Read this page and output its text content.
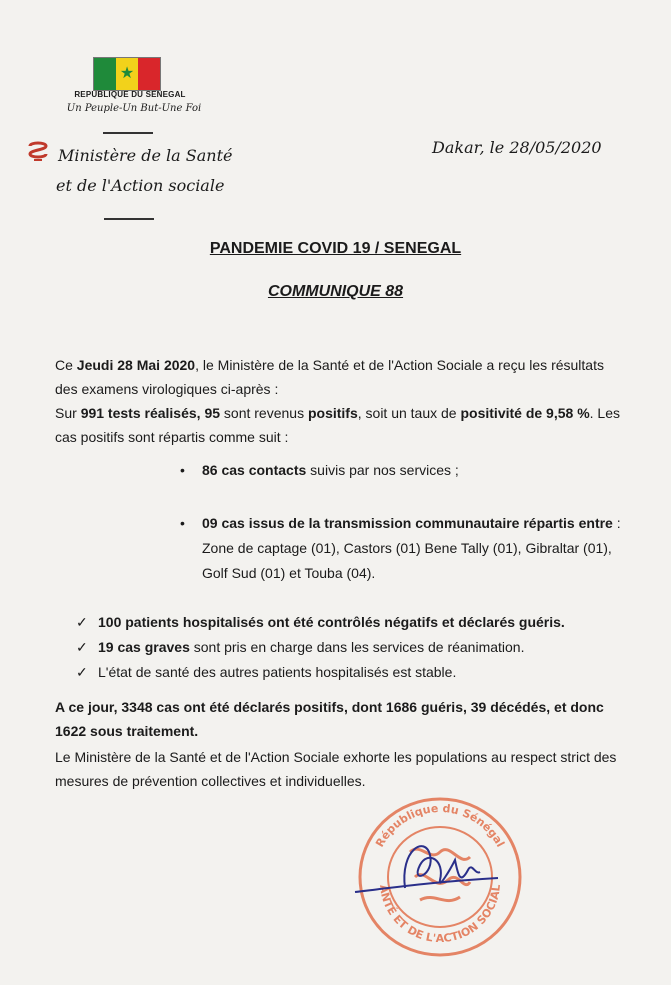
★
REPUBLIQUE DU SENEGAL
Un Peuple-Un But-Une Foi
Ministère de la Santé
et de l'Action sociale
Dakar, le 28/05/2020
PANDEMIE COVID 19 / SENEGAL
COMMUNIQUE 88
Ce Jeudi 28 Mai 2020, le Ministère de la Santé et de l'Action Sociale a reçu les résultats des examens virologiques ci-après :
Sur 991 tests réalisés, 95 sont revenus positifs, soit un taux de positivité de 9,58 %. Les cas positifs sont répartis comme suit :
• 86 cas contacts suivis par nos services ;
•	09 cas issus de la transmission communautaire répartis entre : Zone de captage (01), Castors (01) Bene Tally (01), Gibraltar (01), Golf Sud (01) et Touba (04).
✓ 100 patients hospitalisés ont été contrôlés négatifs et déclarés guéris.
✓ 19 cas graves sont pris en charge dans les services de réanimation.
✓ L'état de santé des autres patients hospitalisés est stable.
A ce jour, 3348 cas ont été déclarés positifs, dont 1686 guéris, 39 décédés, et donc 1622 sous traitement.
Le Ministère de la Santé et de l'Action Sociale exhorte les populations au respect strict des mesures de prévention collectives et individuelles.
République du Sénégal
ANTÉ ET DE L'ACTION SOCIAL
